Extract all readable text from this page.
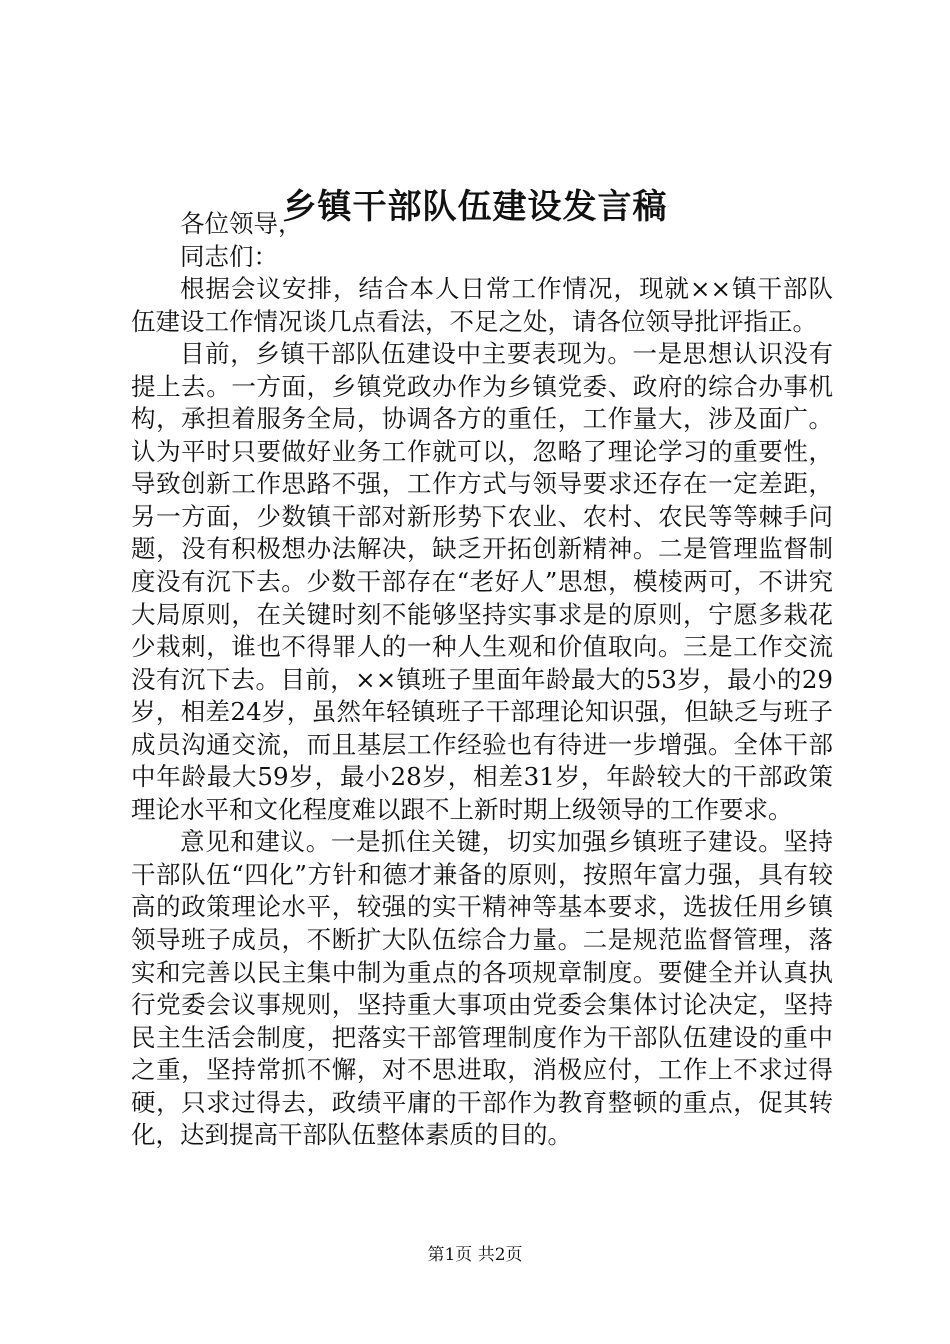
乡镇干部队伍建设发言稿

各位领导，

同志们：

根据会议安排，结合本人日常工作情况，现就××镇干部队伍建设工作情况谈几点看法，不足之处，请各位领导批评指正。

目前，乡镇干部队伍建设中主要表现为。一是思想认识没有提上去。一方面，乡镇党政办作为乡镇党委、政府的综合办事机构，承担着服务全局，协调各方的重任，工作量大，涉及面广。认为平时只要做好业务工作就可以，忽略了理论学习的重要性，导致创新工作思路不强，工作方式与领导要求还存在一定差距，另一方面，少数镇干部对新形势下农业、农村、农民等等棘手问题，没有积极想办法解决，缺乏开拓创新精神。二是管理监督制度没有沉下去。少数干部存在“老好人”思想，模棱两可，不讲究大局原则，在关键时刻不能够坚持实事求是的原则，宁愿多栽花少栽刺，谁也不得罪人的一种人生观和价值取向。三是工作交流没有沉下去。目前，××镇班子里面年龄最大的53岁，最小的29岁，相差24岁，虽然年轻镇班子干部理论知识强，但缺乏与班子成员沟通交流，而且基层工作经验也有待进一步增强。全体干部中年龄最大59岁，最小28岁，相差31岁，年龄较大的干部政策理论水平和文化程度难以跟不上新时期上级领导的工作要求。

意见和建议。一是抓住关键，切实加强乡镇班子建设。坚持干部队伍“四化”方针和德才兼备的原则，按照年富力强，具有较高的政策理论水平，较强的实干精神等基本要求，选拔任用乡镇领导班子成员，不断扩大队伍综合力量。二是规范监督管理，落实和完善以民主集中制为重点的各项规章制度。要健全并认真执行党委会议事规则，坚持重大事项由党委会集体讨论决定，坚持民主生活会制度，把落实干部管理制度作为干部队伍建设的重中之重，坚持常抓不懈，对不思进取，消极应付，工作上不求过得硬，只求过得去，政绩平庸的干部作为教育整顿的重点，促其转化，达到提高干部队伍整体素质的目的。

第1页 共2页
